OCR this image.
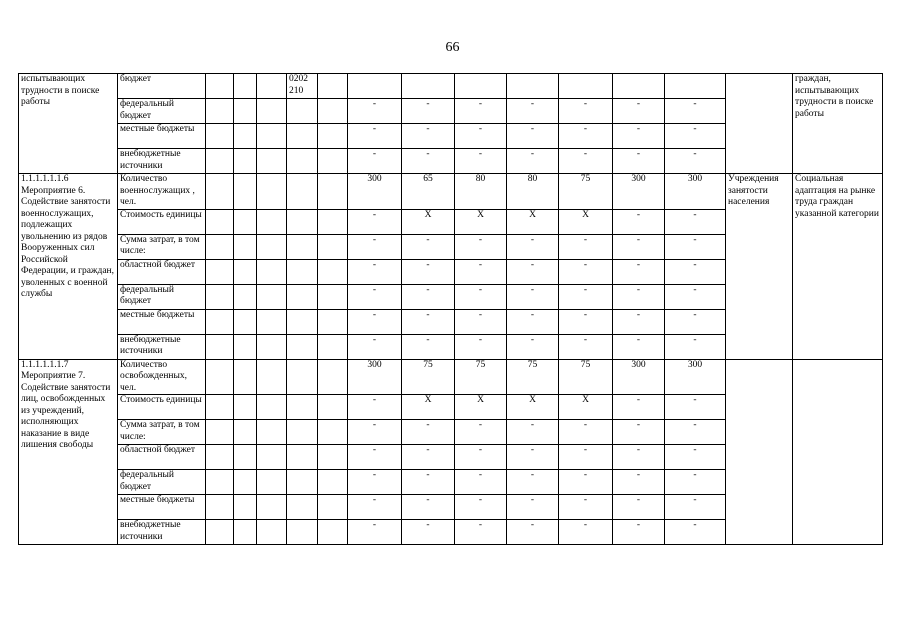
66
испытывающих трудности в поиске работы	бюджет				0202 210										граждан, испытывающих трудности в поиске работы
	федеральный бюджет						-	-	-	-	-	-	-		
	местные бюджеты						-	-	-	-	-	-	-		
	внебюджетные источники						-	-	-	-	-	-	-		
1.1.1.1.1.1.6 Мероприятие 6. Содействие занятости военнослужащих, подлежащих увольнению из рядов Вооруженных сил Российской Федерации, и граждан, уволенных с военной службы	Количество военнослужащих , чел.						300	65	80	80	75	300	300	Учреждения занятости населения	Социальная адаптация на рынке труда граждан указанной категории
	Стоимость единицы						-	X	X	X	X	-	-		
	Сумма затрат, в том числе:						-	-	-	-	-	-	-		
	областной бюджет						-	-	-	-	-	-	-		
	федеральный бюджет						-	-	-	-	-	-	-		
	местные бюджеты						-	-	-	-	-	-	-		
	внебюджетные источники						-	-	-	-	-	-	-		
1.1.1.1.1.1.7 Мероприятие 7. Содействие занятости лиц, освобожденных из учреждений, исполняющих наказание в виде лишения свободы	Количество освобожденных, чел.						300	75	75	75	75	300	300		
	Стоимость единицы						-	X	X	X	X	-	-		
	Сумма затрат, в том числе:						-	-	-	-	-	-	-		
	областной бюджет						-	-	-	-	-	-	-		
	федеральный бюджет						-	-	-	-	-	-	-		
	местные бюджеты						-	-	-	-	-	-	-		
	внебюджетные источники						-	-	-	-	-	-	-		
